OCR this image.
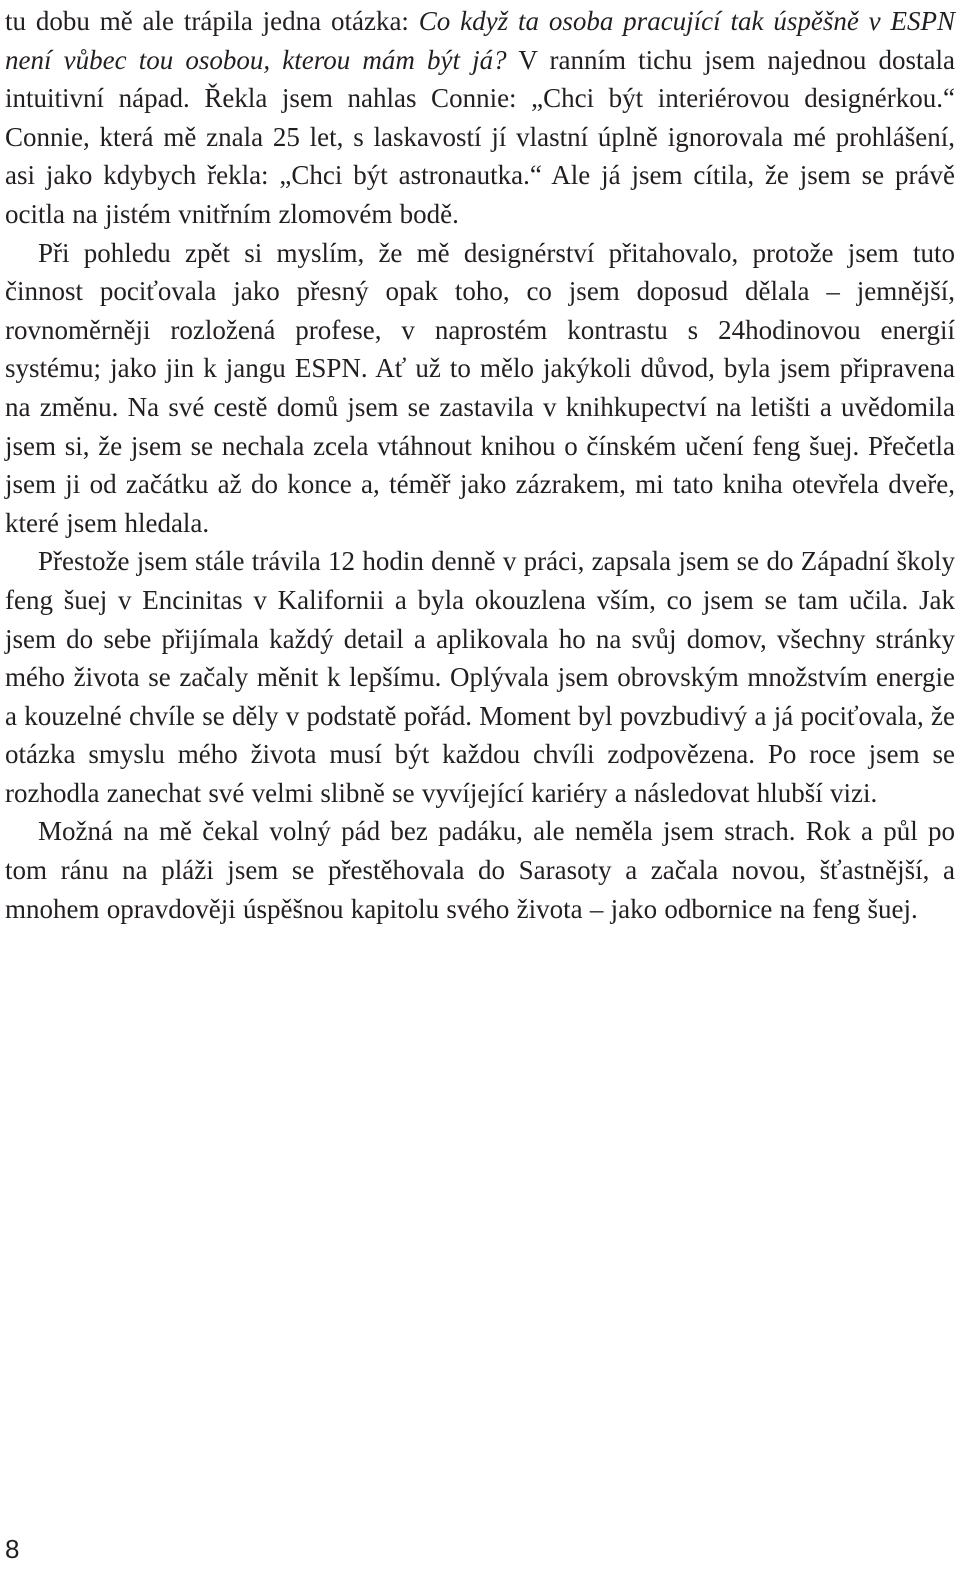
tu dobu mě ale trápila jedna otázka: Co když ta osoba pracující tak úspěšně v ESPN není vůbec tou osobou, kterou mám být já? V ranním tichu jsem najednou dostala intuitivní nápad. Řekla jsem nahlas Connie: „Chci být interiérovou designérkou.“ Connie, která mě znala 25 let, s laskavostí jí vlastní úplně ignorovala mé prohlášení, asi jako kdybych řekla: „Chci být astronautka.“ Ale já jsem cítila, že jsem se právě ocitla na jistém vnitřním zlomovém bodě.

Při pohledu zpět si myslím, že mě designérství přitahovalo, protože jsem tuto činnost pociťovala jako přesný opak toho, co jsem doposud dělala – jemnější, rovnoměrněji rozložená profese, v naprostém kontrastu s 24hodinovou energií systému; jako jin k jangu ESPN. Ať už to mělo jakýkoli důvod, byla jsem připravena na změnu. Na své cestě domů jsem se zastavila v knihkupectví na letišti a uvědomila jsem si, že jsem se nechala zcela vtáhnout knihou o čínském učení feng šuej. Přečetla jsem ji od začátku až do konce a, téměř jako zázrakem, mi tato kniha otevřela dveře, které jsem hledala.

Přestože jsem stále trávila 12 hodin denně v práci, zapsala jsem se do Západní školy feng šuej v Encinitas v Kalifornii a byla okouzlena vším, co jsem se tam učila. Jak jsem do sebe přijímala každý detail a aplikovala ho na svůj domov, všechny stránky mého života se začaly měnit k lepšímu. Oplývala jsem obrovským množstvím energie a kouzelné chvíle se děly v podstatě pořád. Moment byl povzbudivý a já pociťovala, že otázka smyslu mého života musí být každou chvíli zodpovězena. Po roce jsem se rozhodla zanechat své velmi slibně se vyvíjející kariéry a následovat hlubší vizi.

Možná na mě čekal volný pád bez padáku, ale neměla jsem strach. Rok a půl po tom ránu na pláži jsem se přestěhovala do Sarasoty a začala novou, šťastnější, a mnohem opravdověji úspěšnou kapitolu svého života – jako odbornice na feng šuej.

8
